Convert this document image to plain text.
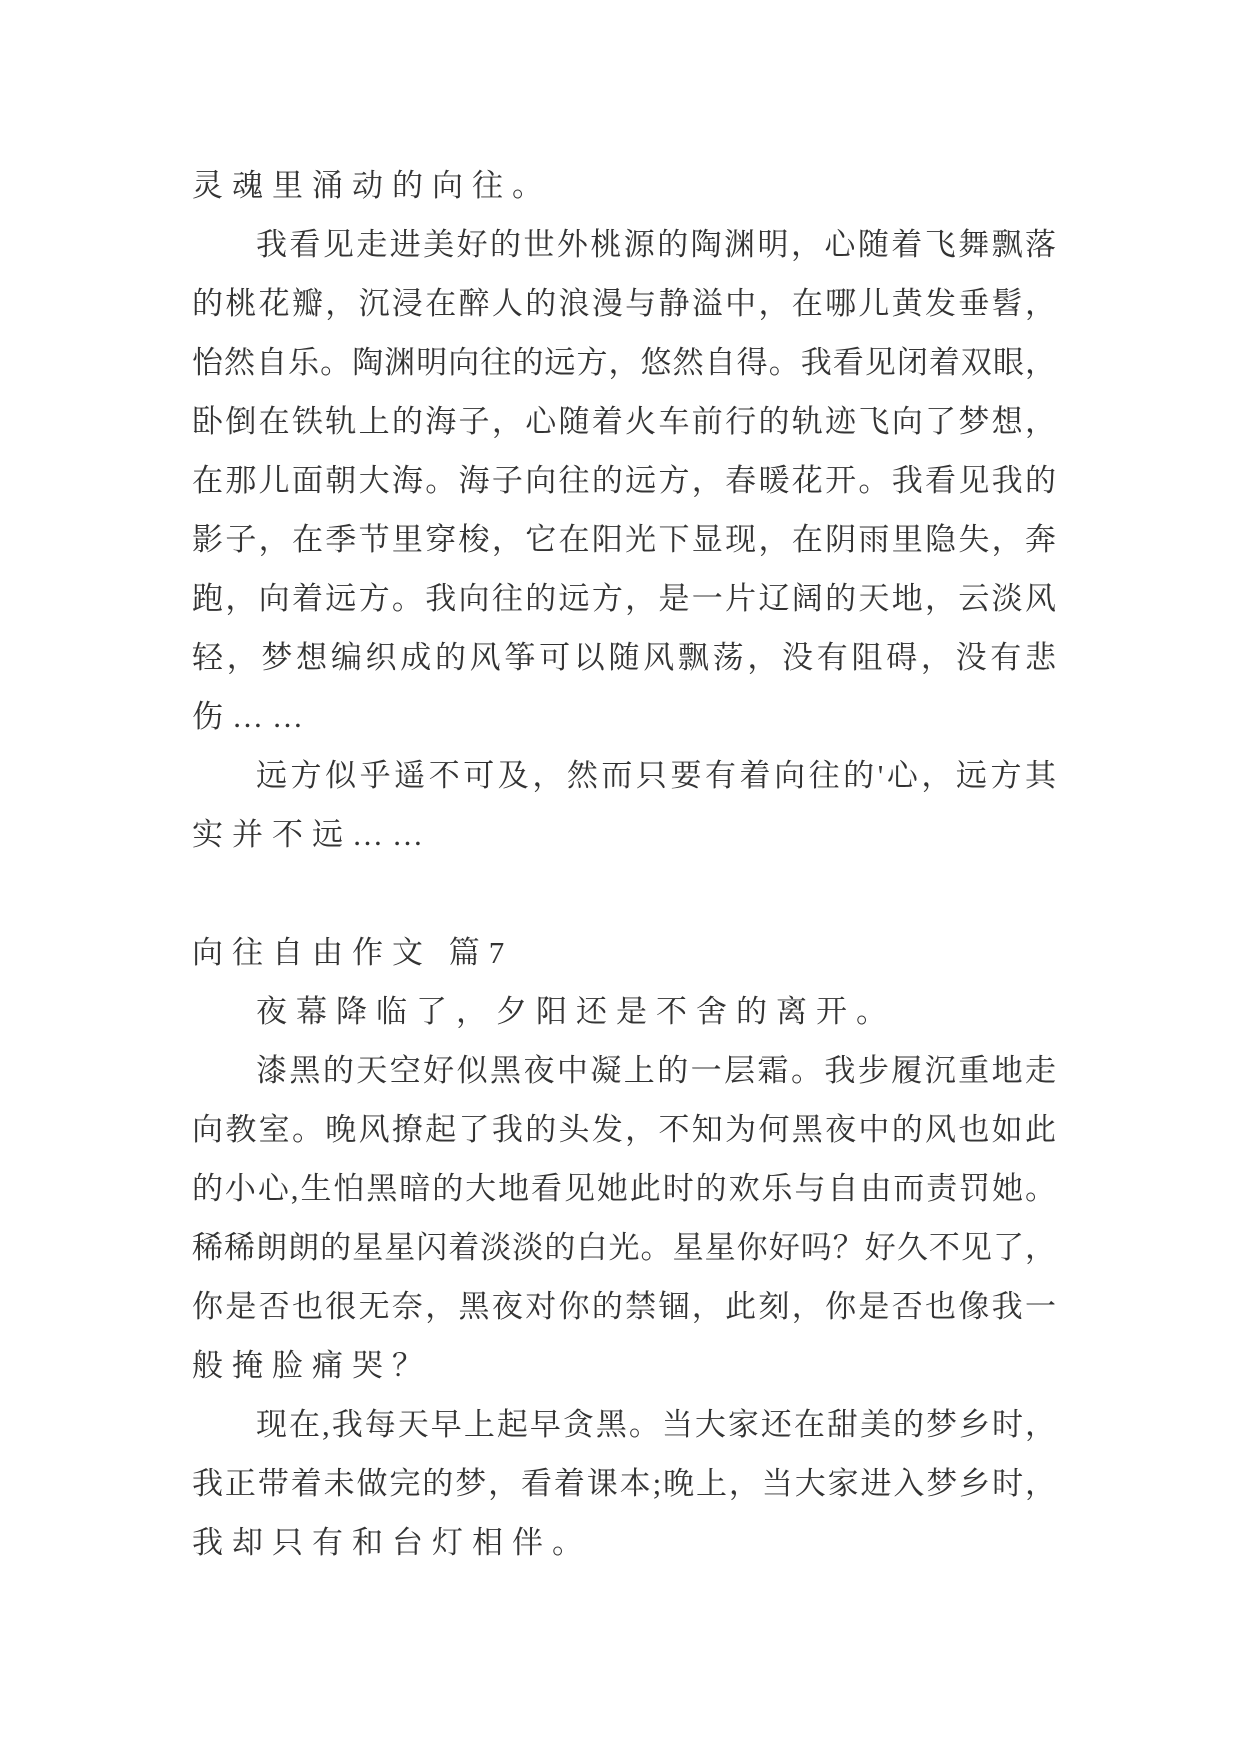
灵魂里涌动的向往。
我看见走进美好的世外桃源的陶渊明，心随着飞舞飘落
的桃花瓣，沉浸在醉人的浪漫与静溢中，在哪儿黄发垂髫，
怡然自乐。陶渊明向往的远方，悠然自得。我看见闭着双眼，
卧倒在铁轨上的海子，心随着火车前行的轨迹飞向了梦想，
在那儿面朝大海。海子向往的远方，春暖花开。我看见我的
影子，在季节里穿梭，它在阳光下显现，在阴雨里隐失，奔
跑，向着远方。我向往的远方，是一片辽阔的天地，云淡风
轻，梦想编织成的风筝可以随风飘荡，没有阻碍，没有悲
伤……
远方似乎遥不可及，然而只要有着向往的'心，远方其
实并不远……
向往自由作文 篇7
夜幕降临了，夕阳还是不舍的离开。
漆黑的天空好似黑夜中凝上的一层霜。我步履沉重地走
向教室。晚风撩起了我的头发，不知为何黑夜中的风也如此
的小心,生怕黑暗的大地看见她此时的欢乐与自由而责罚她。
稀稀朗朗的星星闪着淡淡的白光。星星你好吗？好久不见了，
你是否也很无奈，黑夜对你的禁锢，此刻，你是否也像我一
般掩脸痛哭？
现在,我每天早上起早贪黑。当大家还在甜美的梦乡时，
我正带着未做完的梦，看着课本;晚上，当大家进入梦乡时，
我却只有和台灯相伴。
